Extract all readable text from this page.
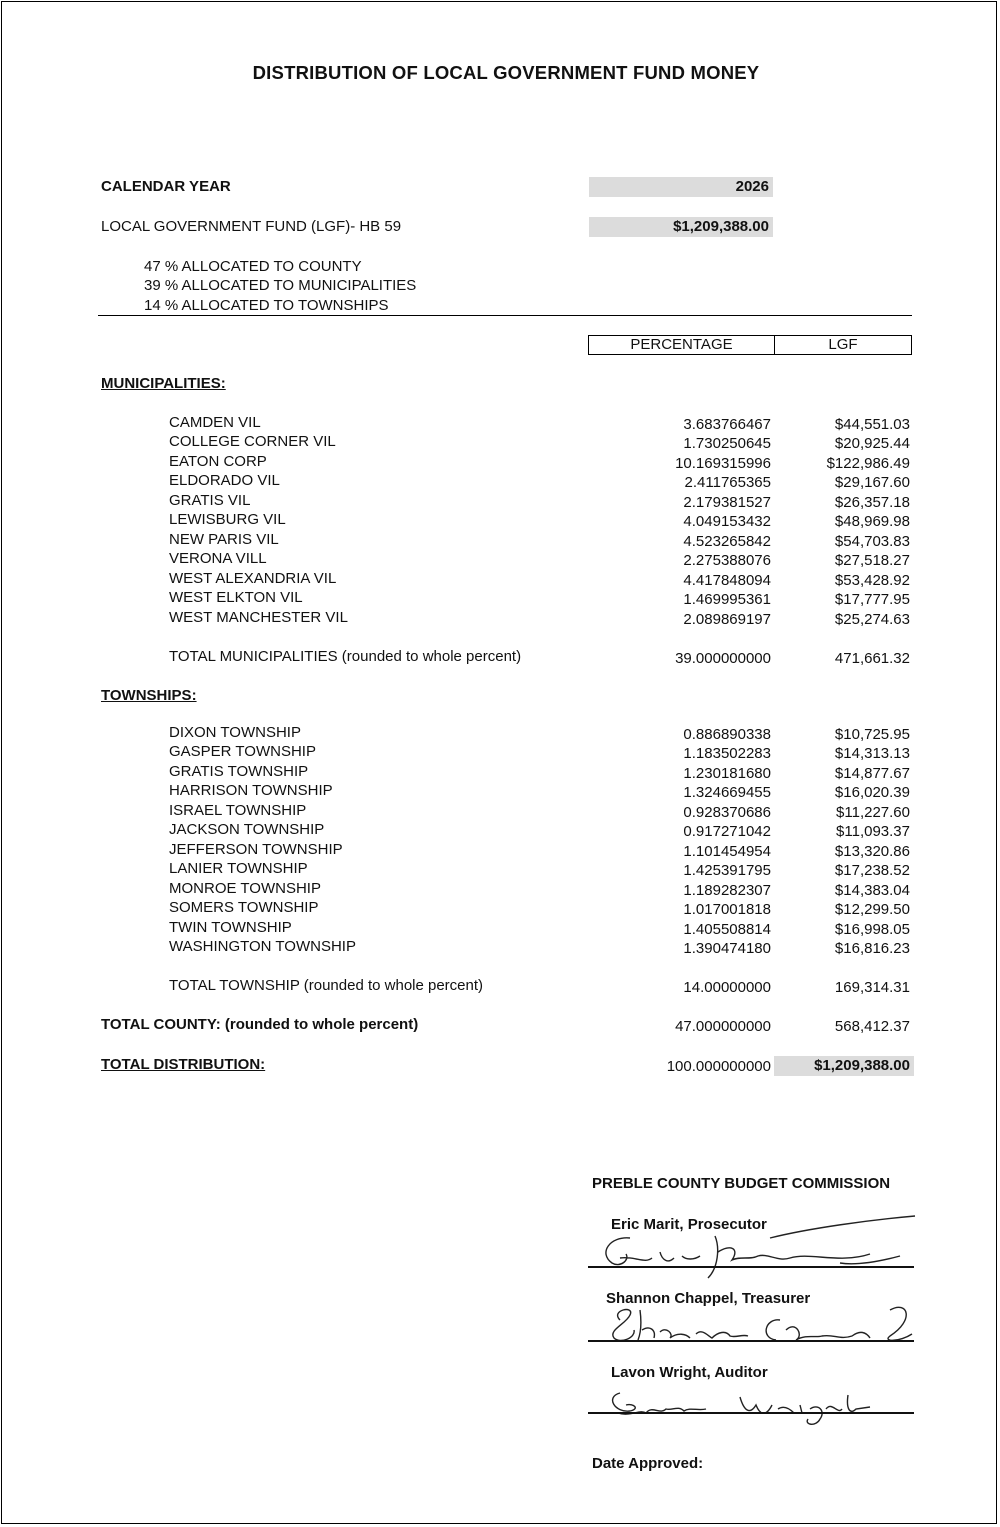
DISTRIBUTION OF LOCAL GOVERNMENT FUND MONEY
CALENDAR YEAR	2026
LOCAL GOVERNMENT FUND (LGF)- HB 59	$1,209,388.00
47 % ALLOCATED TO COUNTY
39 % ALLOCATED TO MUNICIPALITIES
14 % ALLOCATED TO TOWNSHIPS
PERCENTAGE	LGF
MUNICIPALITIES:
CAMDEN VIL	3.683766467	$44,551.03
COLLEGE CORNER VIL	1.730250645	$20,925.44
EATON CORP	10.169315996	$122,986.49
ELDORADO VIL	2.411765365	$29,167.60
GRATIS VIL	2.179381527	$26,357.18
LEWISBURG VIL	4.049153432	$48,969.98
NEW PARIS VIL	4.523265842	$54,703.83
VERONA VILL	2.275388076	$27,518.27
WEST ALEXANDRIA VIL	4.417848094	$53,428.92
WEST ELKTON VIL	1.469995361	$17,777.95
WEST MANCHESTER VIL	2.089869197	$25,274.63
TOTAL MUNICIPALITIES (rounded to whole percent)	39.000000000	471,661.32
TOWNSHIPS:
DIXON TOWNSHIP	0.886890338	$10,725.95
GASPER TOWNSHIP	1.183502283	$14,313.13
GRATIS TOWNSHIP	1.230181680	$14,877.67
HARRISON TOWNSHIP	1.324669455	$16,020.39
ISRAEL TOWNSHIP	0.928370686	$11,227.60
JACKSON TOWNSHIP	0.917271042	$11,093.37
JEFFERSON TOWNSHIP	1.101454954	$13,320.86
LANIER TOWNSHIP	1.425391795	$17,238.52
MONROE TOWNSHIP	1.189282307	$14,383.04
SOMERS TOWNSHIP	1.017001818	$12,299.50
TWIN TOWNSHIP	1.405508814	$16,998.05
WASHINGTON TOWNSHIP	1.390474180	$16,816.23
TOTAL TOWNSHIP (rounded to whole percent)	14.00000000	169,314.31
TOTAL COUNTY: (rounded to whole percent)	47.000000000	568,412.37
TOTAL DISTRIBUTION:	100.000000000	$1,209,388.00
PREBLE COUNTY BUDGET COMMISSION
Eric Marit, Prosecutor
Shannon Chappel, Treasurer
Lavon Wright, Auditor
Date Approved:
